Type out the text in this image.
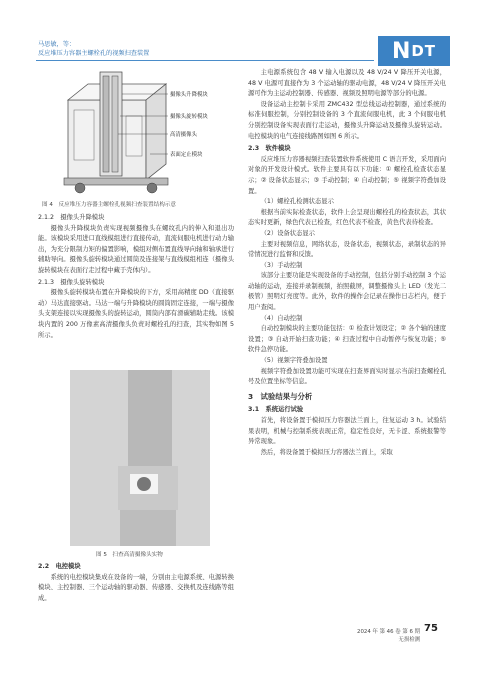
马思敏，等：
反应堆压力容器主螺栓孔的视频扫查装置	N DT
摄像头升降模块
摄像头旋转模块
高清摄像头
表面定止模块
图 4　反应堆压力容器主螺栓孔视频扫查装置结构示意

2.1.2　摄像头升降模块

摄像头升降模块负责实现视频摄像头在螺纹孔内的伸入和退出功能。该模块采用进口直线模组进行直接传动，直流伺服电机进行动力输出，为充分限制力矩的偏置影响，模组对侧布置直线导向轴和轴承进行辅助导向。摄像头旋转模块通过圆筒及连接架与直线模组相连（摄像头旋转模块在表面行走过程中藏于壳体内）。

2.1.3　摄像头旋转模块

摄像头旋转模块布置在升降模块的下方，采用高精度 DD（直接驱动）马达直接驱动。马达一端与升降模块的圆筒固定连接，一端与摄像头支架连接以实现摄像头的旋转运动，圆筒内部有滑碳辅助走线。该模块内置的 200 万像素高清摄像头负责对螺栓孔的扫查，其实物如图 5 所示。

图 5　扫查高清摄像头实物

2.2　电控模块

系统的电控模块集成在设备的一端，分别由主电源系统、电源转换模块、主控制器、三个运动轴的驱动器、传感器、交换机及连线路等组成。

主电源系统包含 48 V 输入电源以及 48 V/24 V 降压开关电源，48 V 电源可直接作为 3 个运动轴的驱动电源，48 V/24 V 降压开关电源可作为主运动控制器、传感器、视频及照明电源等部分的电源。

设备运动主控制卡采用 ZMC432 型总线运动控制器，通过系统的标准伺服控制，分别控制设备的 3 个直流伺服电机，此 3 个伺服电机分别控制设备实现表面行走运动，摄像头升降运动及摄像头旋转运动。电控模块的电气连接线路图如图 6 所示。

2.3　软件模块

反应堆压力容器视频扫查装置软件系统使用 C 语言开发，采用面向对象的开发设计模式。软件主要具有以下功能：① 螺栓孔检查状态显示；② 设备状态显示；③ 手动控制；④ 自动控制；⑤ 视频字符叠加设置。

（1）螺栓孔检测状态显示

根据当前实际检查状态，软件上会呈现出螺栓孔的检查状态，其状态实时更新，绿色代表已检查，红色代表不检查，黄色代表待检查。

（2）设备状态显示

主要对视频信息，网络状态，设备状态，视频状态，录制状态的异常情况进行监督和反馈。

（3）手动控制

该部分主要功能是实现设备的手动控制，包括分别手动控制 3 个运动轴的运动，连接并录制视频，拍照截屏，调整摄像头上 LED（发光二极管）照明灯亮度等。此外，软件的操作会记录在操作日志栏内，便于用户查阅。

（4）自动控制

自动控制模块的主要功能包括：① 检查计划设定；② 各个轴的速度设置；③ 自动开始扫查功能；④ 扫查过程中自动暂停与恢复功能；⑤ 软件急停功能。

（5）视频字符叠加设置

视频字符叠加设置功能可实现在扫查界面实时显示当前扫查螺栓孔号及位置坐标等信息。

3　试验结果与分析

3.1　系统运行试验

首先，将设备置于模拟压力容器法兰面上，往复运动 3 h。试验结果表明，机械与控制系统表现正常，稳定性良好，无卡涩、系统报警等异常现象。

然后，将设备置于模拟压力容器法兰面上，采取

75
2024 年 第 46 卷 第 6 期
无损检测
